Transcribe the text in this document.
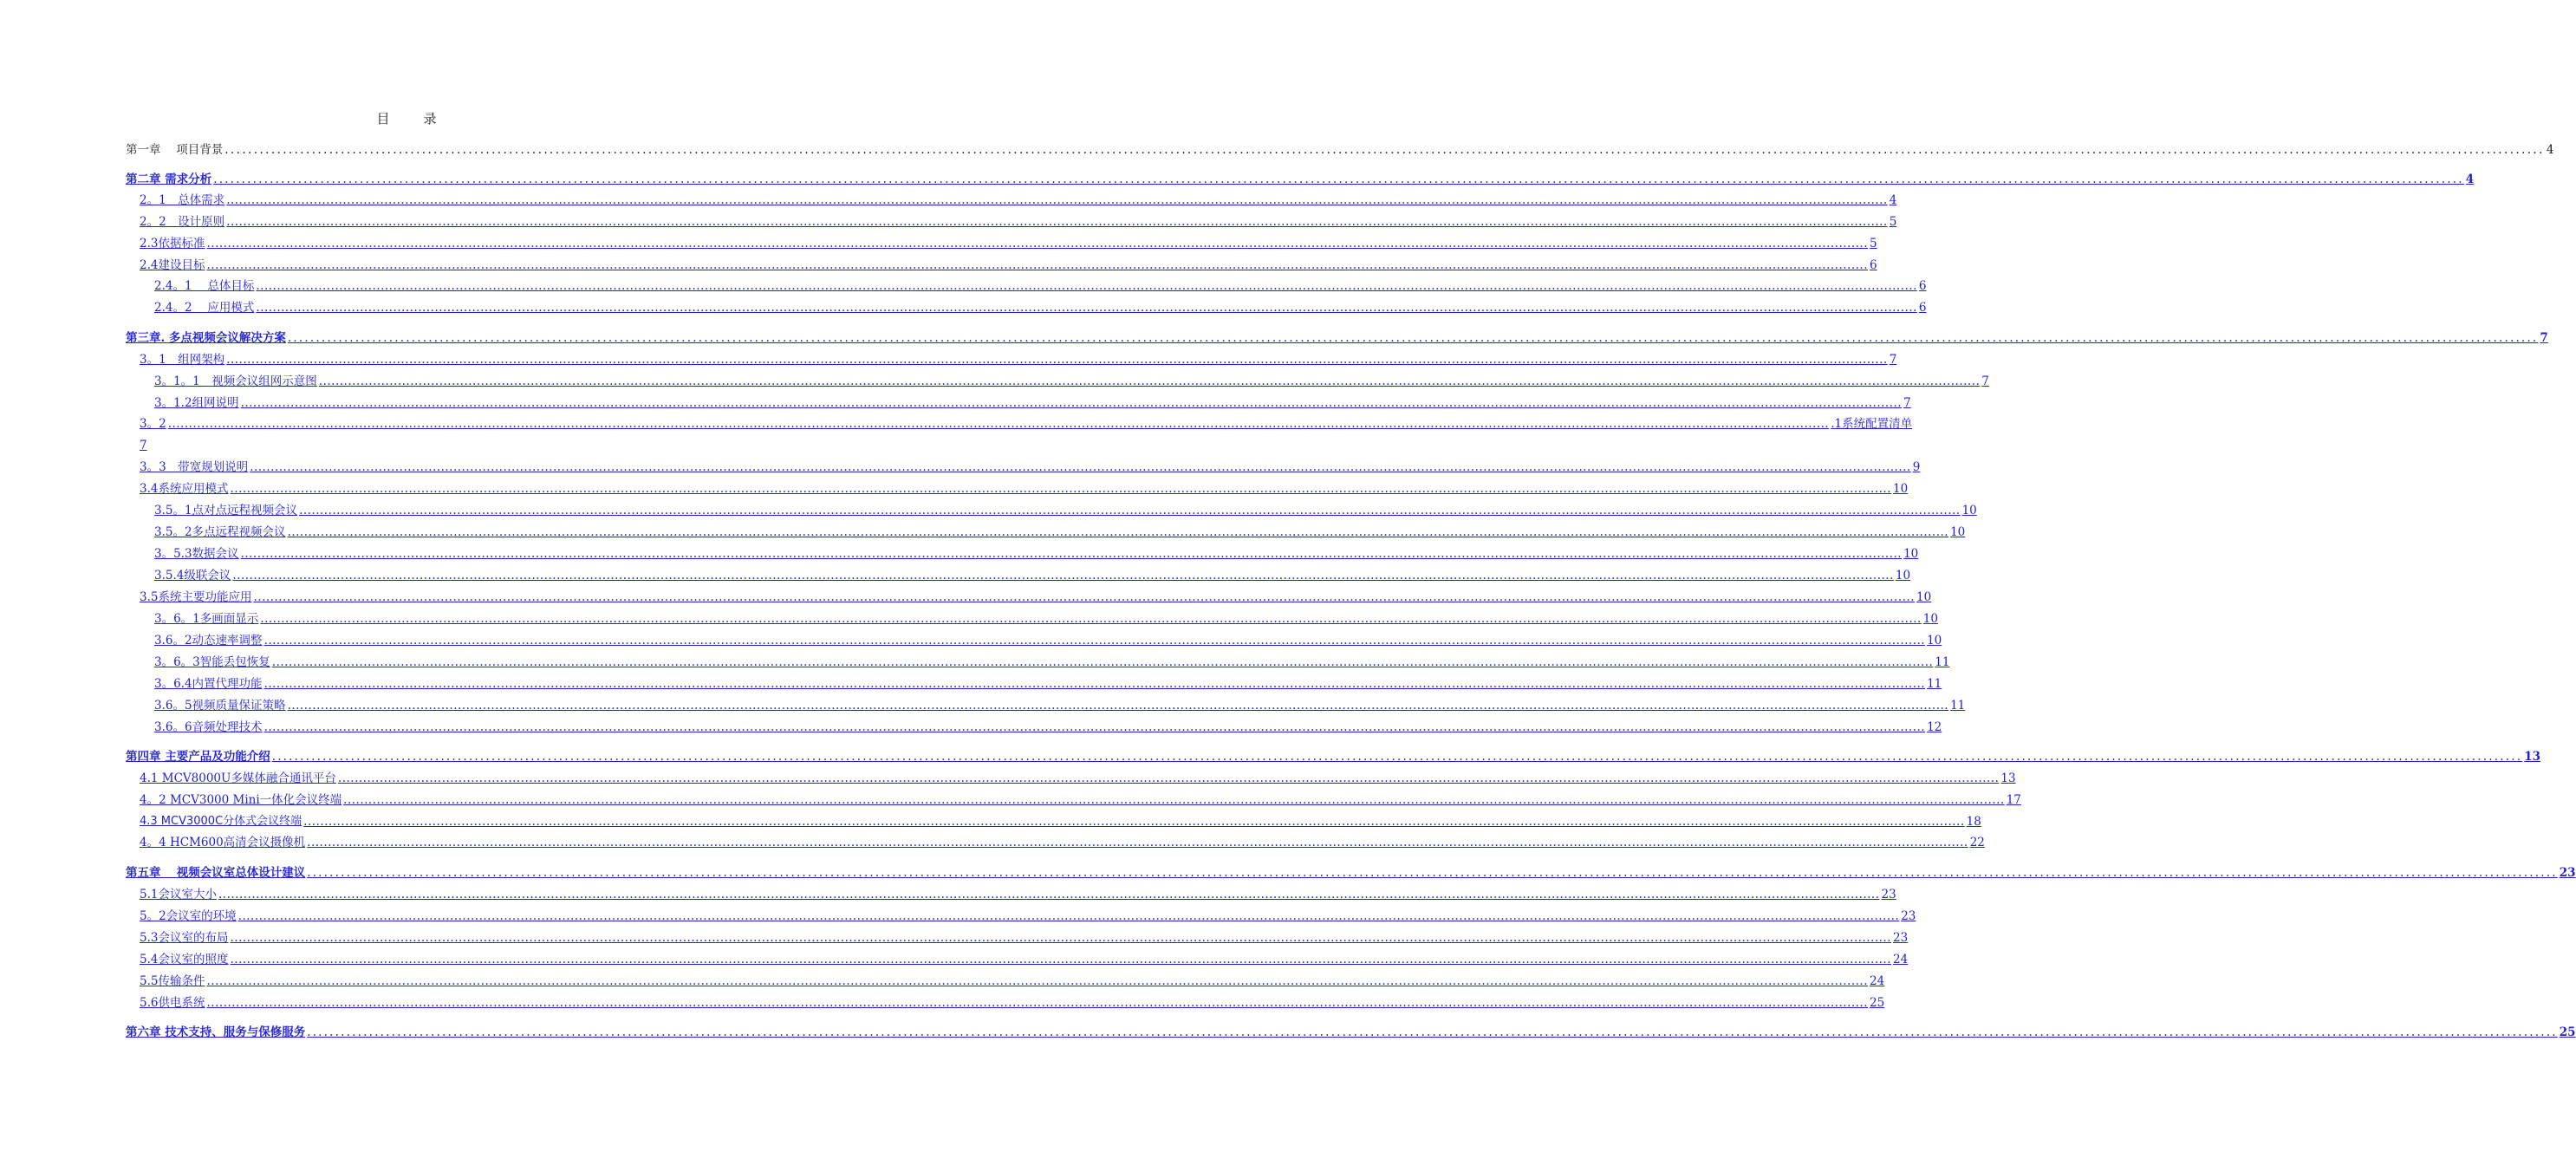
目　录
第一章　 项目背景 ................................................................................................................................................................................................................................................................................................................................................................................................................ 4
第二章 需求分析 ................................................................................................................................................................................................................................................................................................................................................................................................................ 4
2。1　总体需求 ................................................................................................................................................................................................................................................................................................................................................................................................................ 4
2。2　设计原则 ................................................................................................................................................................................................................................................................................................................................................................................................................ 5
2.3依据标准 ................................................................................................................................................................................................................................................................................................................................................................................................................ 5
2.4建设目标 ................................................................................................................................................................................................................................................................................................................................................................................................................ 6
2.4。1　 总体目标 ................................................................................................................................................................................................................................................................................................................................................................................................................ 6
2.4。2　 应用模式 ................................................................................................................................................................................................................................................................................................................................................................................................................ 6
第三章. 多点视频会议解决方案 ................................................................................................................................................................................................................................................................................................................................................................................................................ 7
3。1　组网架构 ................................................................................................................................................................................................................................................................................................................................................................................................................ 7
3。1。1　视频会议组网示意图 ................................................................................................................................................................................................................................................................................................................................................................................................................ 7
3。1.2组网说明 ................................................................................................................................................................................................................................................................................................................................................................................................................ 7
3。2 ................................................................................................................................................................................................................................................................................................................................................................................................................ .1系统配置清单
7
3。3　带宽规划说明 ................................................................................................................................................................................................................................................................................................................................................................................................................ 9
3.4系统应用模式 ................................................................................................................................................................................................................................................................................................................................................................................................................ 10
3.5。1点对点远程视频会议 ................................................................................................................................................................................................................................................................................................................................................................................................................ 10
3.5。2多点远程视频会议 ................................................................................................................................................................................................................................................................................................................................................................................................................ 10
3。5.3数据会议 ................................................................................................................................................................................................................................................................................................................................................................................................................ 10
3.5.4级联会议 ................................................................................................................................................................................................................................................................................................................................................................................................................ 10
3.5系统主要功能应用 ................................................................................................................................................................................................................................................................................................................................................................................................................ 10
3。6。1多画面显示 ................................................................................................................................................................................................................................................................................................................................................................................................................ 10
3.6。2动态速率调整 ................................................................................................................................................................................................................................................................................................................................................................................................................ 10
3。6。3智能丢包恢复 ................................................................................................................................................................................................................................................................................................................................................................................................................ 11
3。6.4内置代理功能 ................................................................................................................................................................................................................................................................................................................................................................................................................ 11
3.6。5视频质量保证策略 ................................................................................................................................................................................................................................................................................................................................................................................................................ 11
3.6。6音频处理技术 ................................................................................................................................................................................................................................................................................................................................................................................................................ 12
第四章 主要产品及功能介绍 ................................................................................................................................................................................................................................................................................................................................................................................................................ 13
4.1 MCV8000U多媒体融合通讯平台 ................................................................................................................................................................................................................................................................................................................................................................................................................ 13
4。2 MCV3000 Mini一体化会议终端 ................................................................................................................................................................................................................................................................................................................................................................................................................ 17
4.3 MCV3000C分体式会议终端 ................................................................................................................................................................................................................................................................................................................................................................................................................ 18
4。4 HCM600高清会议摄像机 ................................................................................................................................................................................................................................................................................................................................................................................................................ 22
第五章　 视频会议室总体设计建议 ................................................................................................................................................................................................................................................................................................................................................................................................................ 23
5.1会议室大小 ................................................................................................................................................................................................................................................................................................................................................................................................................ 23
5。2会议室的环境 ................................................................................................................................................................................................................................................................................................................................................................................................................ 23
5.3会议室的布局 ................................................................................................................................................................................................................................................................................................................................................................................................................ 23
5.4会议室的照度 ................................................................................................................................................................................................................................................................................................................................................................................................................ 24
5.5传输条件 ................................................................................................................................................................................................................................................................................................................................................................................................................ 24
5.6供电系统 ................................................................................................................................................................................................................................................................................................................................................................................................................ 25
第六章 技术支持、服务与保修服务 ................................................................................................................................................................................................................................................................................................................................................................................................................ 25
